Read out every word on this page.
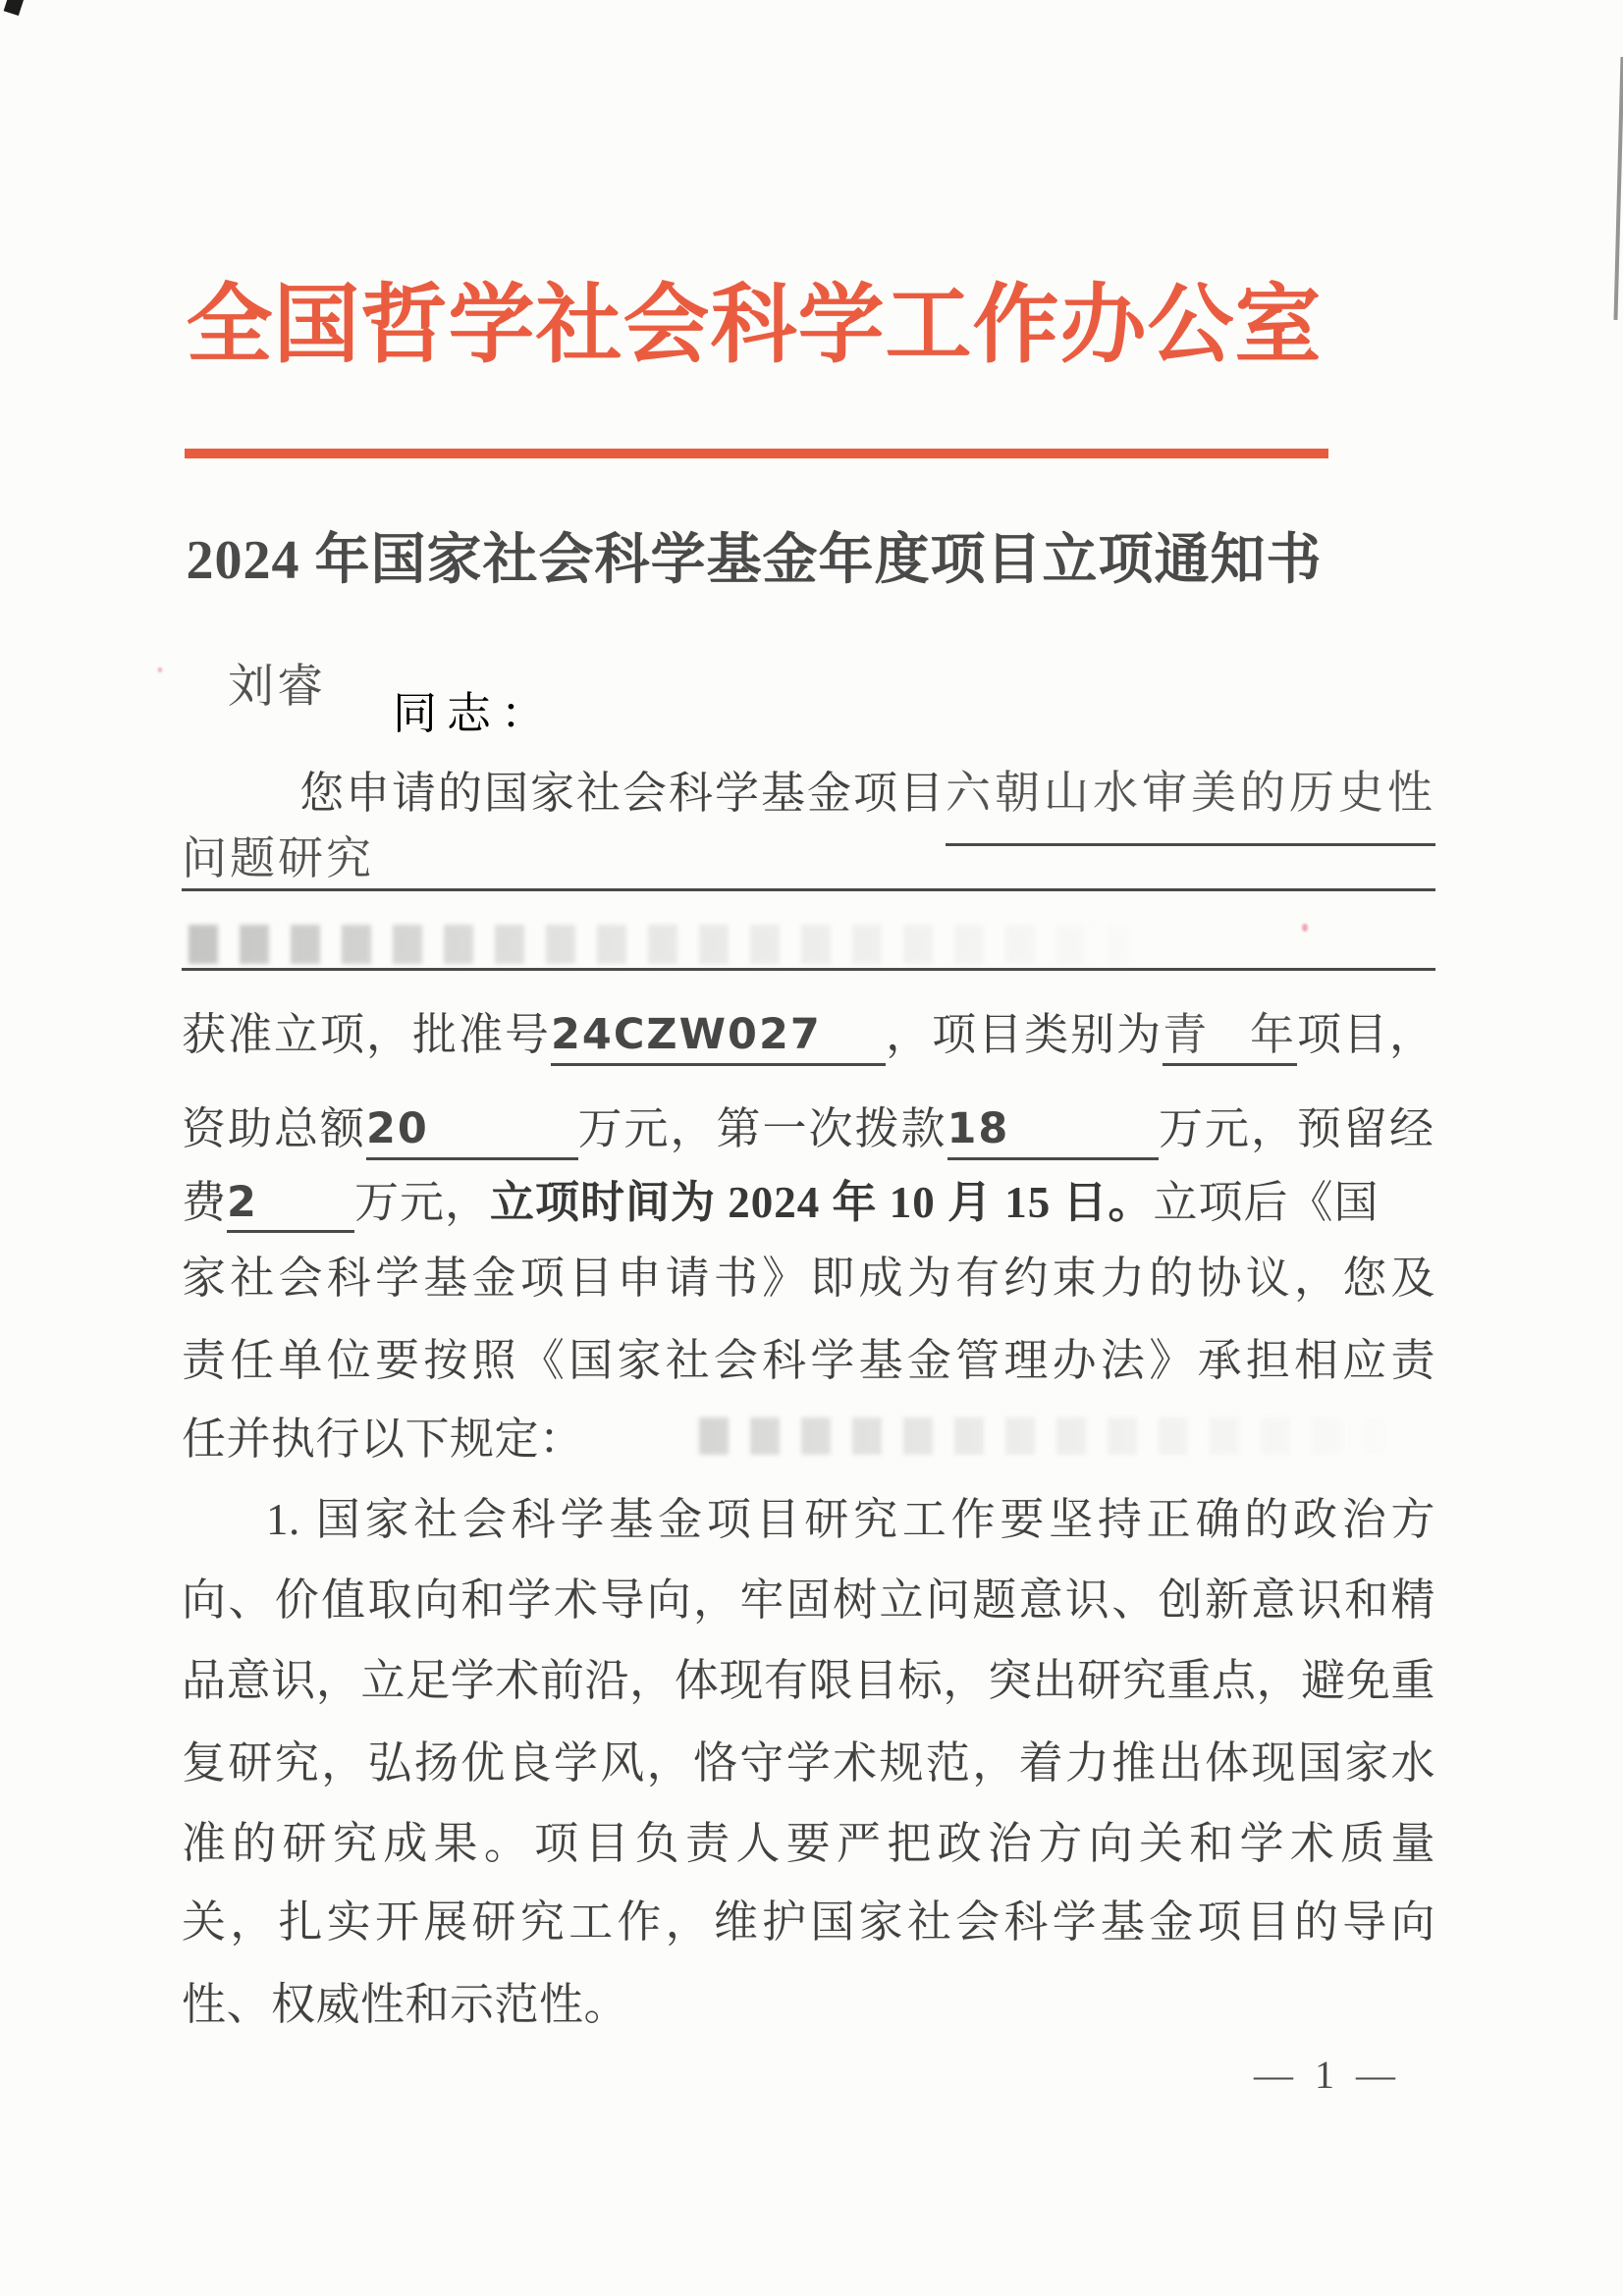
全国哲学社会科学工作办公室
2024 年国家社会科学基金年度项目立项通知书
刘睿
同志：
您申请的国家社会科学基金项目 六朝山水审美的历史性
问题研究
获准立项，批准号 24CZW027	，项目类别为 青年 项目，
资助总额 20	万元，第一次拨款 18	万元，预留经
费 2	万元， 立项时间为 2024 年 10 月 15 日。 立项后《国
家社会科学基金项目申请书》即成为有约束力的协议，您及
责任单位要按照《国家社会科学基金管理办法》承担相应责
任并执行以下规定：
1. 国家社会科学基金项目研究工作要坚持正确的政治方
向、价值取向和学术导向，牢固树立问题意识、创新意识和精
品意识，立足学术前沿，体现有限目标，突出研究重点，避免重
复研究，弘扬优良学风，恪守学术规范，着力推出体现国家水
准的研究成果。项目负责人要严把政治方向关和学术质量
关，扎实开展研究工作，维护国家社会科学基金项目的导向
性、权威性和示范性。
— 1 —
